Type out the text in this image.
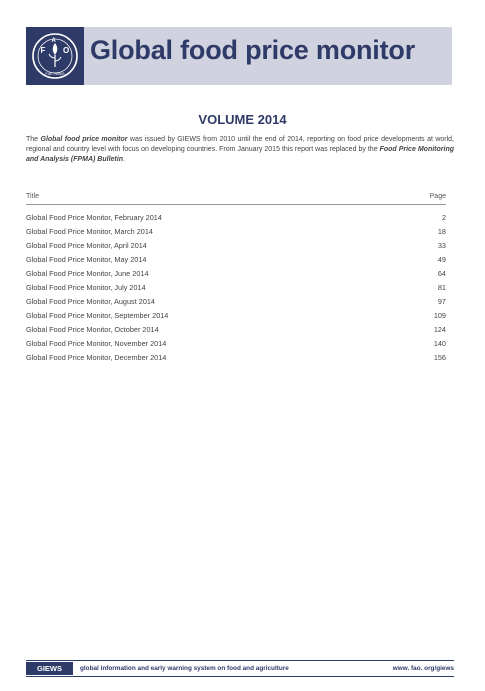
F
A
O
FIAT PANIS
Global food price monitor
VOLUME 2014
The Global food price monitor was issued by GIEWS from 2010 until the end of 2014, reporting on food price developments at world, regional and country level with focus on developing countries. From January 2015 this report was replaced by the Food Price Monitoring and Analysis (FPMA) Bulletin.
Title	Page
Global Food Price Monitor, February 2014	2
Global Food Price Monitor, March 2014	18
Global Food Price Monitor, April 2014	33
Global Food Price Monitor, May 2014	49
Global Food Price Monitor, June 2014	64
Global Food Price Monitor, July 2014	81
Global Food Price Monitor, August 2014	97
Global Food Price Monitor, September 2014	109
Global Food Price Monitor, October 2014	124
Global Food Price Monitor, November 2014	140
Global Food Price Monitor, December 2014	156
GIEWS	global information and early warning system on food and agriculture	www. fao. org/giews
